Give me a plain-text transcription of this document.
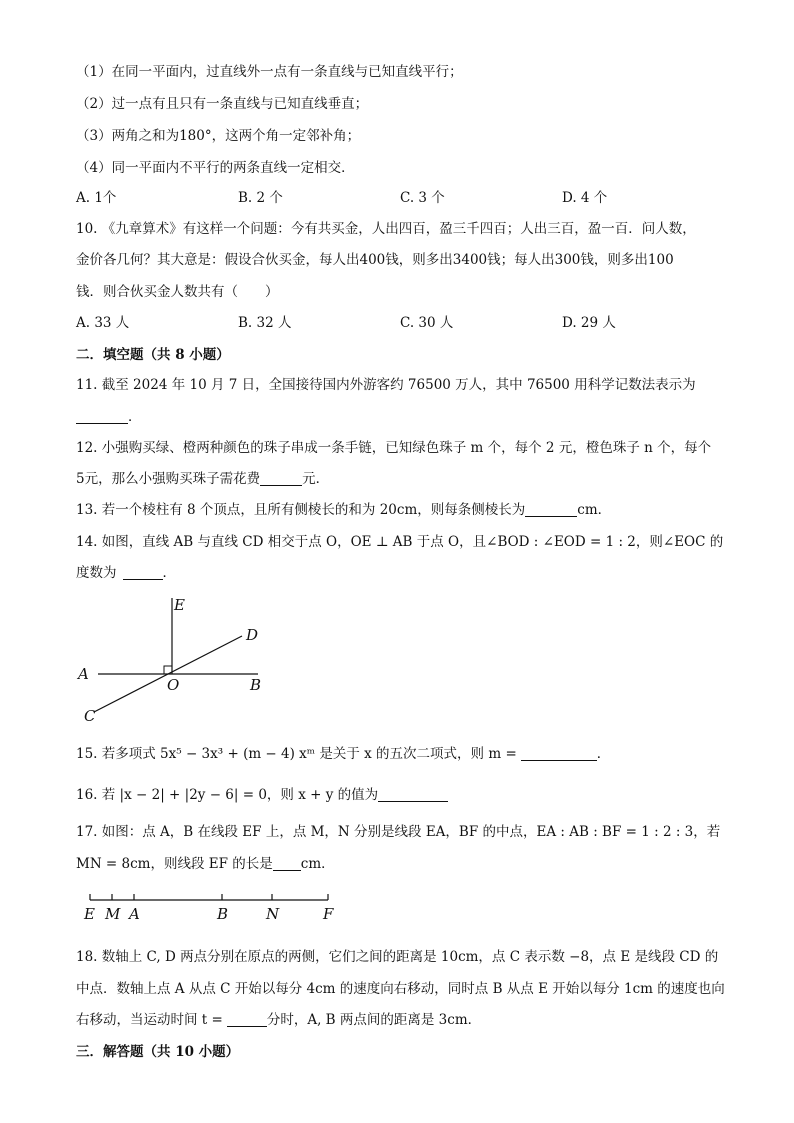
（1）在同一平面内，过直线外一点有一条直线与已知直线平行；
（2）过一点有且只有一条直线与已知直线垂直；
（3）两角之和为180°，这两个角一定邻补角；
（4）同一平面内不平行的两条直线一定相交．
A. 1个	B. 2 个	C. 3 个	D. 4 个
10. 《九章算术》有这样一个问题：今有共买金，人出四百，盈三千四百；人出三百，盈一百．问人数，
金价各几何？其大意是：假设合伙买金，每人出400钱，则多出3400钱；每人出300钱，则多出100
钱．则合伙买金人数共有（　　）
A. 33 人	B. 32 人	C. 30 人	D. 29 人
二．填空题（共 8 小题）
11. 截至 2024 年 10 月 7 日，全国接待国内外游客约 76500 万人，其中 76500 用科学记数法表示为
．
12. 小强购买绿、橙两种颜色的珠子串成一条手链，已知绿色珠子 m 个，每个 2 元，橙色珠子 n 个，每个
5元，那么小强购买珠子需花费	元．
13. 若一个棱柱有 8 个顶点，且所有侧棱长的和为 20cm，则每条侧棱长为	cm．
14. 如图，直线 AB 与直线 CD 相交于点 O，OE ⊥ AB 于点 O，且∠BOD : ∠EOD = 1 : 2，则∠EOC 的
度数为	．
E
D
A
O	B
C
15. 若多项式 5x⁵ − 3x³ + (m − 4) xᵐ 是关于 x 的五次二项式，则 m =	．
16. 若 |x − 2| + |2y − 6| = 0，则 x + y 的值为
17. 如图：点 A，B 在线段 EF 上，点 M，N 分别是线段 EA，BF 的中点，EA : AB : BF = 1 : 2 : 3，若
MN = 8cm，则线段 EF 的长是 cm．
E M A	B	N	F
18. 数轴上 C, D 两点分别在原点的两侧，它们之间的距离是 10cm，点 C 表示数 −8，点 E 是线段 CD 的
中点．数轴上点 A 从点 C 开始以每分 4cm 的速度向右移动，同时点 B 从点 E 开始以每分 1cm 的速度也向
右移动，当运动时间 t =	分时，A, B 两点间的距离是 3cm．
三．解答题（共 10 小题）
